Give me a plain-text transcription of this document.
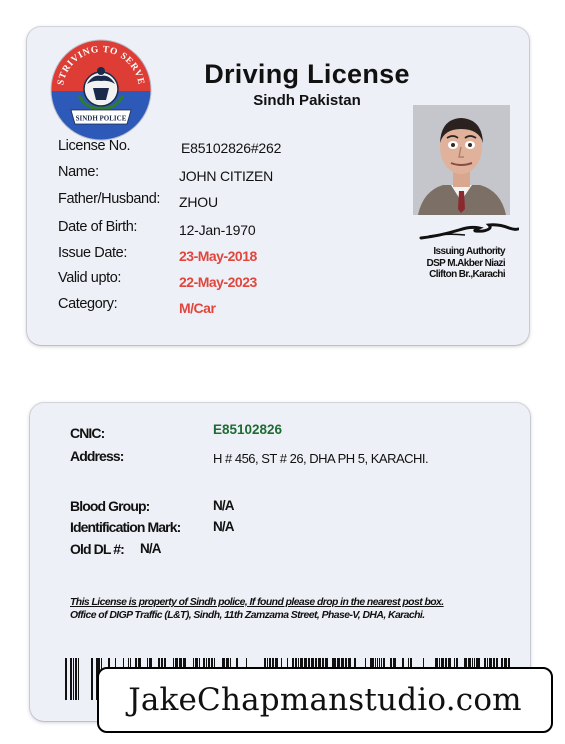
STRIVING TO SERVE
SINDH POLICE
Driving License
Sindh Pakistan
License No.	E85102826#262
Name:	JOHN CITIZEN
Father/Husband: ZHOU
Date of Birth:	12-Jan-1970
Issue Date:	23-May-2018
Valid upto:	22-May-2023
Category:	M/Car
Issuing Authority
DSP M.Akber Niazi
Clifton Br.,Karachi
CNIC:	E85102826
Address:	H # 456, ST # 26, DHA PH 5, KARACHI.
Blood Group:	N/A
Identification Mark: N/A
Old DL #: N/A
This License is property of Sindh police, If found please drop in the nearest post box.
Office of DIGP Traffic (L&T), Sindh, 11th Zamzama Street, Phase-V, DHA, Karachi.
JakeChapmanstudio.com
